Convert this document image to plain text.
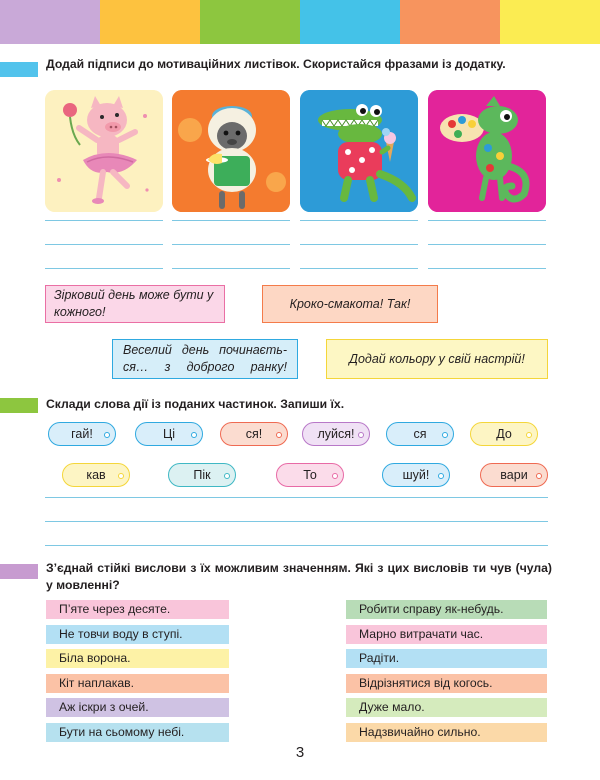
Додай підписи до мотиваційних листівок. Скористайся фразами із додатку.
Зірковий день може бути у кожного!
Кроко-смакота! Так!
Веселий день починаєть- ся… з доброго ранку!
Додай кольору у свій настрій!
Склади слова дії із поданих частинок. Запиши їх.
гай!	Ці	ся!	луйся!	ся	До
кав	Пік	То	шуй!	вари
З’єднай стійкі вислови з їх можливим значенням. Які з цих висловів ти чув (чула) у мовленні?
П’яте через десяте.
Не товчи воду в ступі.
Біла ворона.
Кіт наплакав.
Аж іскри з очей.
Бути на сьомому небі.
Робити справу як-небудь.
Марно витрачати час.
Радіти.
Відрізнятися від когось.
Дуже мало.
Надзвичайно сильно.
3
